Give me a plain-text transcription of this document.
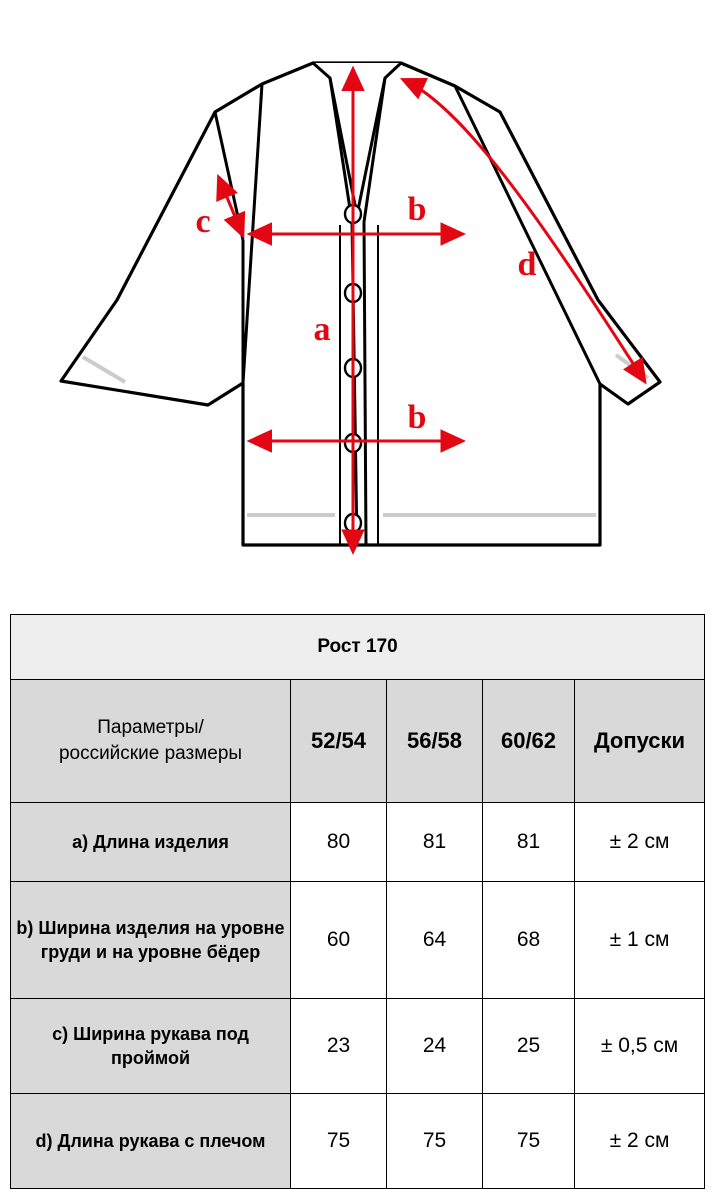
a
b
b
c
d
Рост 170				
Параметры/
российские размеры	52/54	56/58	60/62	Допуски
a) Длина изделия	80	81	81	± 2 см
b) Ширина изделия на уровне груди и на уровне бёдер	60	64	68	± 1 см
c) Ширина рукава под проймой	23	24	25	± 0,5 см
d) Длина рукава с плечом	75	75	75	± 2 см
